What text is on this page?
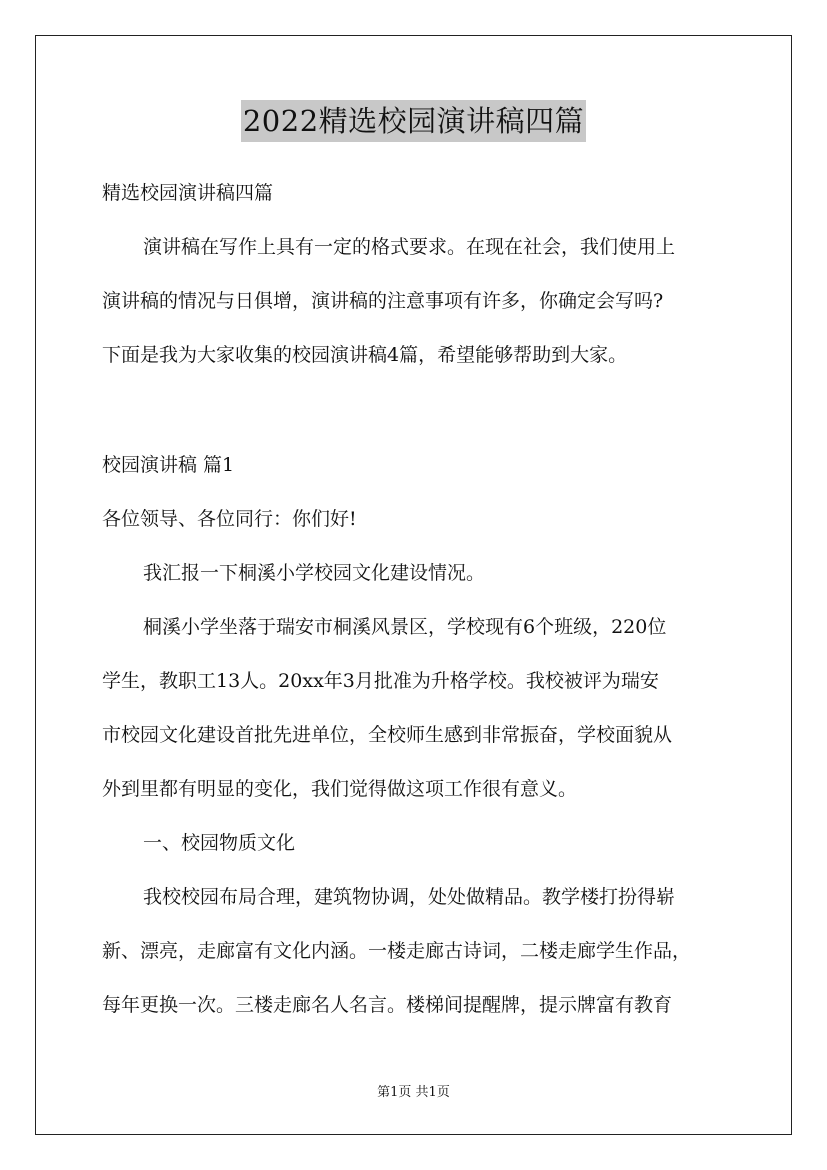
2022精选校园演讲稿四篇
精选校园演讲稿四篇
演讲稿在写作上具有一定的格式要求。在现在社会，我们使用上
演讲稿的情况与日俱增，演讲稿的注意事项有许多，你确定会写吗?
下面是我为大家收集的校园演讲稿4篇，希望能够帮助到大家。
校园演讲稿 篇1
各位领导、各位同行：你们好!
我汇报一下桐溪小学校园文化建设情况。
桐溪小学坐落于瑞安市桐溪风景区，学校现有6个班级，220位
学生，教职工13人。20xx年3月批准为升格学校。我校被评为瑞安
市校园文化建设首批先进单位，全校师生感到非常振奋，学校面貌从
外到里都有明显的变化，我们觉得做这项工作很有意义。
一、校园物质文化
我校校园布局合理，建筑物协调，处处做精品。教学楼打扮得崭
新、漂亮，走廊富有文化内涵。一楼走廊古诗词，二楼走廊学生作品，
每年更换一次。三楼走廊名人名言。楼梯间提醒牌，提示牌富有教育
第1页 共1页
